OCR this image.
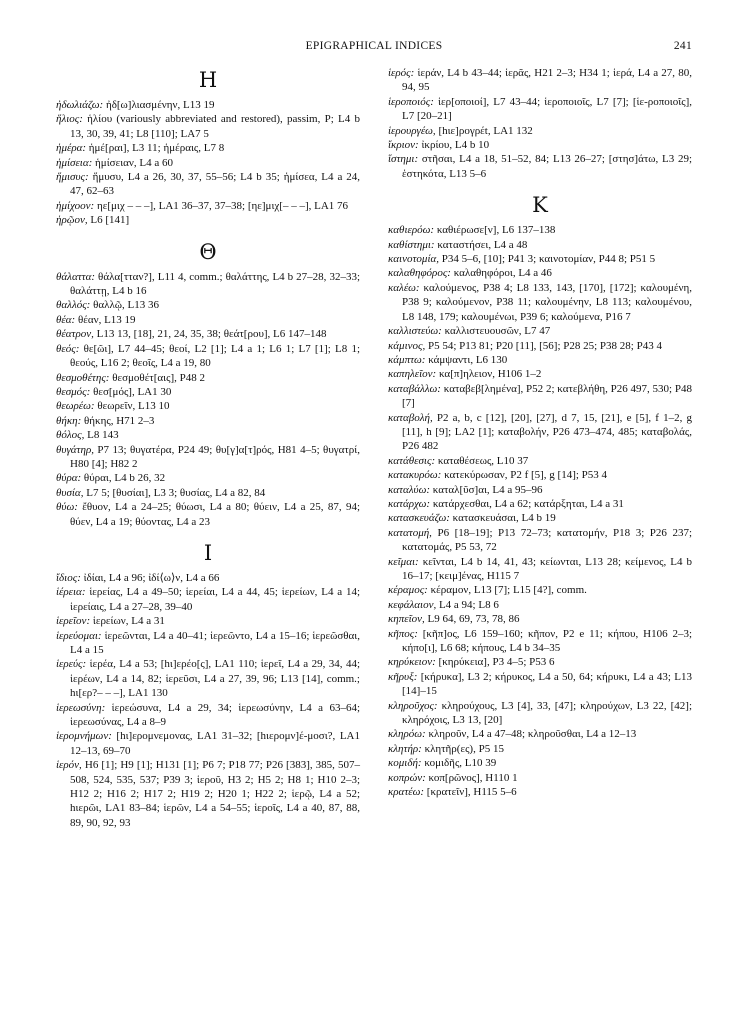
EPIGRAPHICAL INDICES	241
Η

ἠδωλιάζω: ἠδ[ω]λιασμένην, L13 19

ἥλιος: ἡλίου (variously abbreviated and restored), passim, P; L4 b 13, 30, 39, 41; L8 [110]; LA7 5

ἡμέρα: ἡμέ[ραι], L3 11; ἡμέραις, L7 8

ἡμίσεια: ἡμίσειαν, L4 a 60

ἥμισυς: ἥμυσυ, L4 a 26, 30, 37, 55–56; L4 b 35; ἡμίσεα, L4 a 24, 47, 62–63

ἡμίχοον: ηε[μιχ – – –], LA1 36–37, 37–38; [ηε]μιχ[– – –], LA1 76

ἡρῷον, L6 [141]

Θ

θάλαττα: θάλα[τταν?], L11 4, comm.; θαλάττης, L4 b 27–28, 32–33; θαλάττῃ, L4 b 16

θαλλός: θαλλῷ, L13 36

θέα: θέαν, L13 19

θέατρον, L13 13, [18], 21, 24, 35, 38; θεάτ[ρου], L6 147–148

θεός: θε[ῶι], L7 44–45; θεοί, L2 [1]; L4 a 1; L6 1; L7 [1]; L8 1; θεούς, L16 2; θεοῖς, L4 a 19, 80

θεσμοθέτης: θεσμοθέτ[αις], P48 2

θεσμός: θεσ[μός], LA1 30

θεωρέω: θεωρεῖν, L13 10

θήκη: θήκης, H71 2–3

θόλος, L8 143

θυγάτηρ, P7 13; θυγατέρα, P24 49; θυ[γ]α[τ]ρός, H81 4–5; θυγατρί, H80 [4]; H82 2

θύρα: θύραι, L4 b 26, 32

θυσία, L7 5; [θυσίαι], L3 3; θυσίας, L4 a 82, 84

θύω: ἔθυον, L4 a 24–25; θύωσι, L4 a 80; θύειν, L4 a 25, 87, 94; θύεν, L4 a 19; θύοντας, L4 a 23

Ι

ἴδιος: ἰδίαι, L4 a 96; ἰδί⟨ω⟩ν, L4 a 66

ἱέρεια: ἱερείας, L4 a 49–50; ἱερείαι, L4 a 44, 45; ἱερείων, L4 a 14; ἱερείαις, L4 a 27–28, 39–40

ἱερεῖον: ἱερείων, L4 a 31

ἱερεύομαι: ἱερεῶνται, L4 a 40–41; ἱερεῶντο, L4 a 15–16; ἱερεῶσθαι, L4 a 15

ἱερεύς: ἱερέα, L4 a 53; [hι]ερέο[ς], LA1 110; ἱερεῖ, L4 a 29, 34, 44; ἱερέων, L4 a 14, 82; ἱερεῦσι, L4 a 27, 39, 96; L13 [14], comm.; hι[ερ?– – –], LA1 130

ἱερεωσύνη: ἱερεώσυνα, L4 a 29, 34; ἱερεωσύνην, L4 a 63–64; ἱερεωσύνας, L4 a 8–9

ἱερομνήμων: [hι]ερομνεμονας, LA1 31–32; [hιερομν]έ-μοσι?, LA1 12–13, 69–70

ἱερόν, H6 [1]; H9 [1]; H131 [1]; P6 7; P18 77; P26 [383], 385, 507–508, 524, 535, 537; P39 3; ἱεροῦ, H3 2; H5 2; H8 1; H10 2–3; H12 2; H16 2; H17 2; H19 2; H20 1; H22 2; ἱερῷ, L4 a 52; hιερῶι, LA1 83–84; ἱερῶν, L4 a 54–55; ἱεροῖς, L4 a 40, 87, 88, 89, 90, 92, 93

ἱερός: ἱεράν, L4 b 43–44; ἱερᾶς, H21 2–3; H34 1; ἱερά, L4 a 27, 80, 94, 95

ἱεροποιός: ἱερ[οποιοί], L7 43–44; ἱεροποιοῖς, L7 [7]; [ἱε-ροποιοῖς], L7 [20–21]

ἱερουργέω, [hιε]ρογρέt, LA1 132

ἴκριον: ἰκρίου, L4 b 10

ἵστημι: στῆσαι, L4 a 18, 51–52, 84; L13 26–27; [στησ]άτω, L3 29; ἑστηκότα, L13 5–6

Κ

καθιερόω: καθιέρωσε[ν], L6 137–138

καθίστημι: καταστήσει, L4 a 48

καινοτομία, P34 5–6, [10]; P41 3; καινοτομίαν, P44 8; P51 5

καλαθηφόρος: καλαθηφόροι, L4 a 46

καλέω: καλούμενος, P38 4; L8 133, 143, [170], [172]; καλουμένη, P38 9; καλούμενον, P38 11; καλουμένην, L8 113; καλουμένου, L8 148, 179; καλουμένωι, P39 6; καλούμενα, P16 7

καλλιστεύω: καλλιστευουσῶν, L7 47

κάμινος, P5 54; P13 81; P20 [11], [56]; P28 25; P38 28; P43 4

κάμπτω: κάμψαντι, L6 130

καπηλεῖον: κα[π]ηλειον, H106 1–2

καταβάλλω: καταβεβ[λημένα], P52 2; κατεβλήθη, P26 497, 530; P48 [7]

καταβολή, P2 a, b, c [12], [20], [27], d 7, 15, [21], e [5], f 1–2, g [11], h [9]; LA2 [1]; καταβολήν, P26 473–474, 485; καταβολάς, P26 482

κατάθεσις: καταθέσεως, L10 37

κατακυρόω: κατεκύρωσαν, P2 f [5], g [14]; P53 4

καταλύω: καταλ[ῦσ]αι, L4 a 95–96

κατάρχω: κατάρχεσθαι, L4 a 62; κατάρξηται, L4 a 31

κατασκευάζω: κατασκευάσαι, L4 b 19

κατατομή, P6 [18–19]; P13 72–73; κατατομήν, P18 3; P26 237; κατατομάς, P5 53, 72

κεῖμαι: κεῖνται, L4 b 14, 41, 43; κείωνται, L13 28; κείμενος, L4 b 16–17; [κειμ]ένας, H115 7

κέραμος: κέραμον, L13 [7]; L15 [4?], comm.

κεφάλαιον, L4 a 94; L8 6

κηπεῖον, L9 64, 69, 73, 78, 86

κῆπος: [κῆπ]ος, L6 159–160; κῆπον, P2 e 11; κήπου, H106 2–3; κήπο[ι], L6 68; κήπους, L4 b 34–35

κηρύκειον: [κηρύκεια], P3 4–5; P53 6

κῆρυξ: [κήρυκα], L3 2; κήρυκος, L4 a 50, 64; κήρυκι, L4 a 43; L13 [14]–15

κληροῦχος: κληρούχους, L3 [4], 33, [47]; κληρούχων, L3 22, [42]; κληρόχοις, L3 13, [20]

κληρόω: κληροῦν, L4 a 47–48; κληροῦσθαι, L4 a 12–13

κλητήρ: κλητῆρ(ες), P5 15

κομιδή: κομιδῆς, L10 39

κοπρών: κοπ[ρῶνος], H110 1

κρατέω: [κρατεῖν], H115 5–6
